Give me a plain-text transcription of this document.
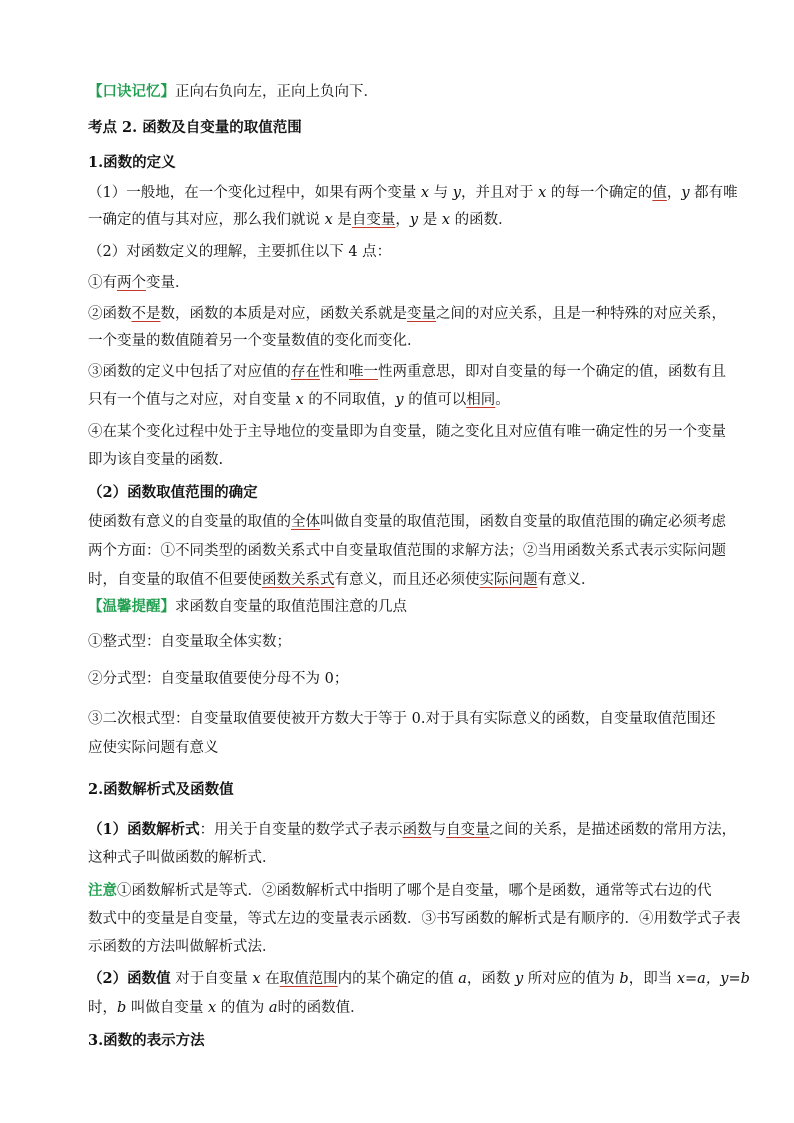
【口诀记忆】正向右负向左，正向上负向下．
考点 2. 函数及自变量的取值范围
1.函数的定义
（1）一般地，在一个变化过程中，如果有两个变量 x 与 y，并且对于 x 的每一个确定的值，y 都有唯
一确定的值与其对应，那么我们就说 x 是自变量，y 是 x 的函数．
（2）对函数定义的理解，主要抓住以下 4 点：
①有两个变量．
②函数不是数，函数的本质是对应，函数关系就是变量之间的对应关系，且是一种特殊的对应关系，
一个变量的数值随着另一个变量数值的变化而变化．
③函数的定义中包括了对应值的存在性和唯一性两重意思，即对自变量的每一个确定的值，函数有且
只有一个值与之对应，对自变量 x 的不同取值，y 的值可以相同。
④在某个变化过程中处于主导地位的变量即为自变量，随之变化且对应值有唯一确定性的另一个变量
即为该自变量的函数.
（2）函数取值范围的确定
使函数有意义的自变量的取值的全体叫做自变量的取值范围，函数自变量的取值范围的确定必须考虑
两个方面：①不同类型的函数关系式中自变量取值范围的求解方法；②当用函数关系式表示实际问题
时，自变量的取值不但要使函数关系式有意义，而且还必须使实际问题有意义．
【温馨提醒】求函数自变量的取值范围注意的几点
①整式型：自变量取全体实数；
②分式型：自变量取值要使分母不为 0；
③二次根式型：自变量取值要使被开方数大于等于 0.对于具有实际意义的函数，自变量取值范围还
应使实际问题有意义
2.函数解析式及函数值
（1）函数解析式：用关于自变量的数学式子表示函数与自变量之间的关系，是描述函数的常用方法，
这种式子叫做函数的解析式．
注意①函数解析式是等式．②函数解析式中指明了哪个是自变量，哪个是函数，通常等式右边的代
数式中的变量是自变量，等式左边的变量表示函数．③书写函数的解析式是有顺序的．④用数学式子表
示函数的方法叫做解析式法．
（2）函数值 对于自变量 x 在取值范围内的某个确定的值 a，函数 y 所对应的值为 b，即当 x=a，y=b
时，b 叫做自变量 x 的值为 a时的函数值．
3.函数的表示方法
